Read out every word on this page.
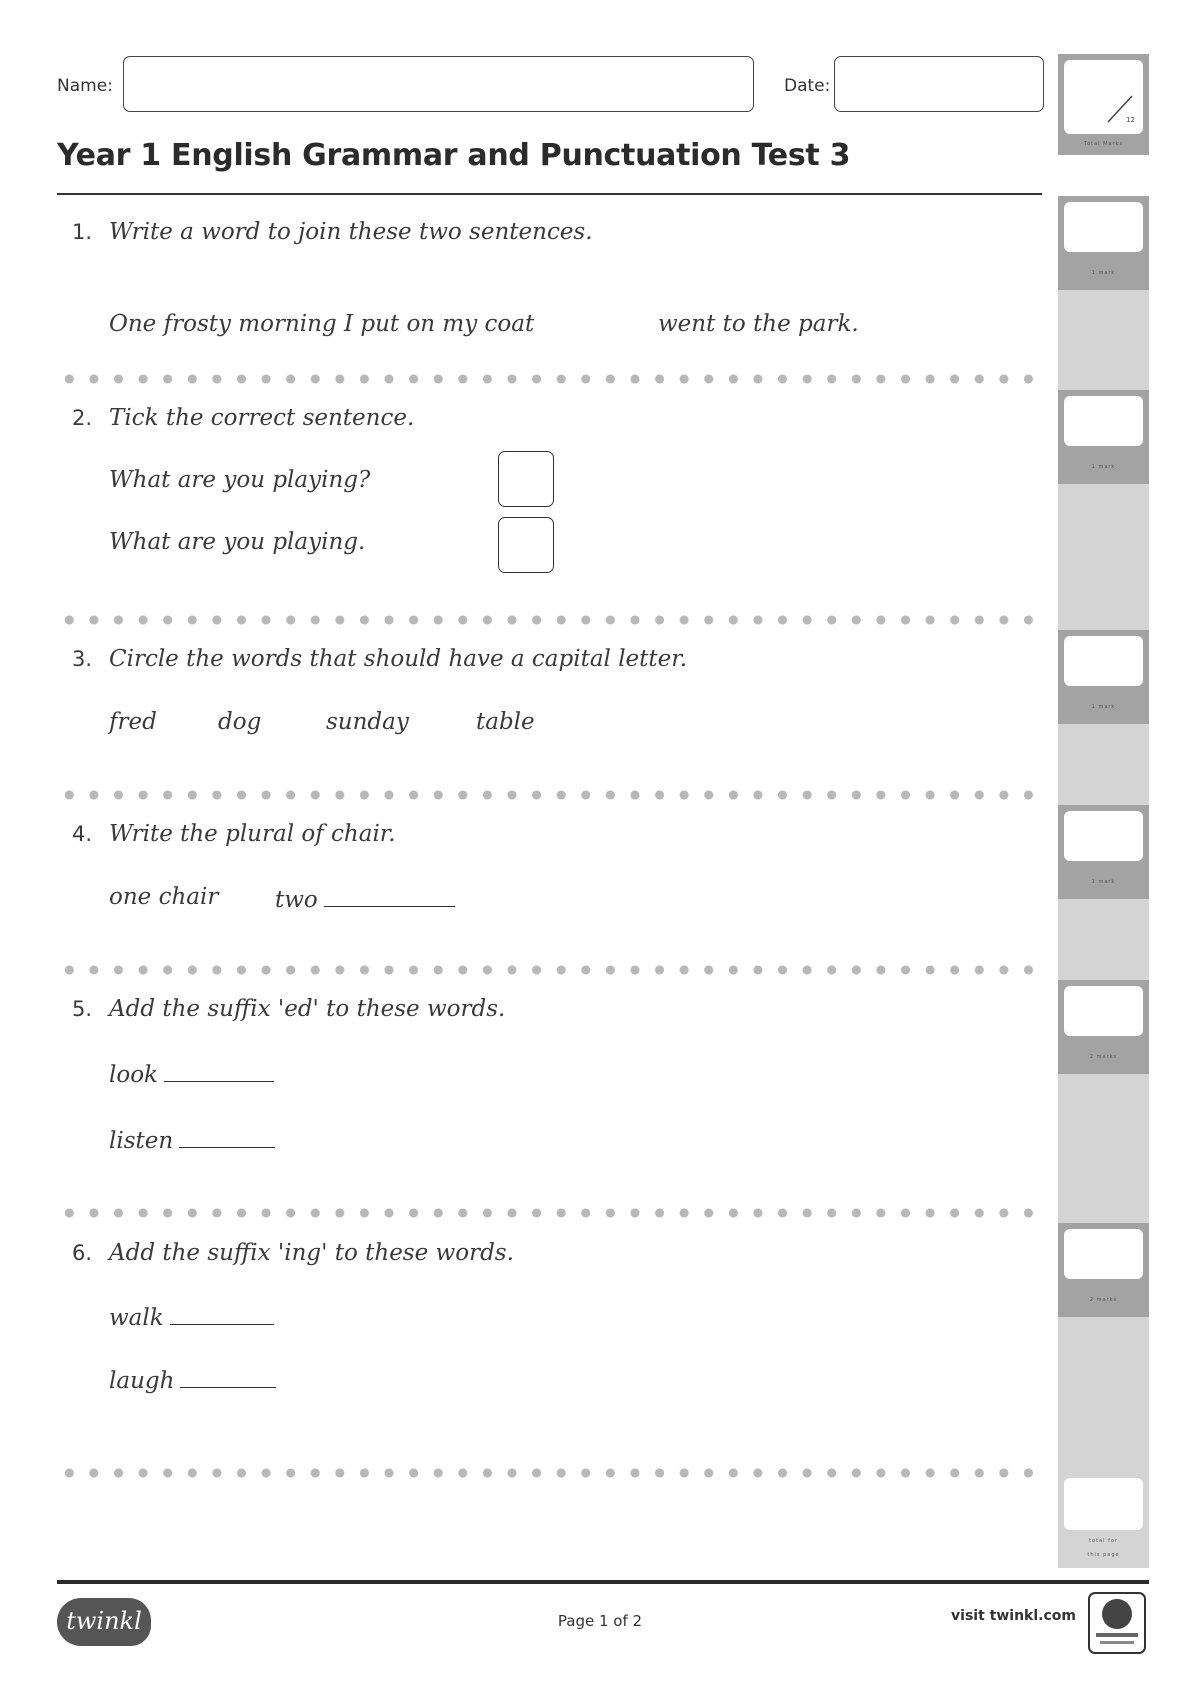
Name:	Date:
12
Total Marks
Year 1 English Grammar and Punctuation Test 3
1 mark
1 mark
1 mark
1 mark
2 marks
2 marks
total for
this page
1. Write a word to join these two sentences.
One frosty morning I put on my coat	went to the park.
2. Tick the correct sentence.
What are you playing?
What are you playing.
3. Circle the words that should have a capital letter.
fred	dog	sunday	table
4. Write the plural of chair.
one chair two
5. Add the suffix 'ed' to these words.
look
listen
6. Add the suffix 'ing' to these words.
walk
laugh
twinkl	Page 1 of 2	visit twinkl.com
